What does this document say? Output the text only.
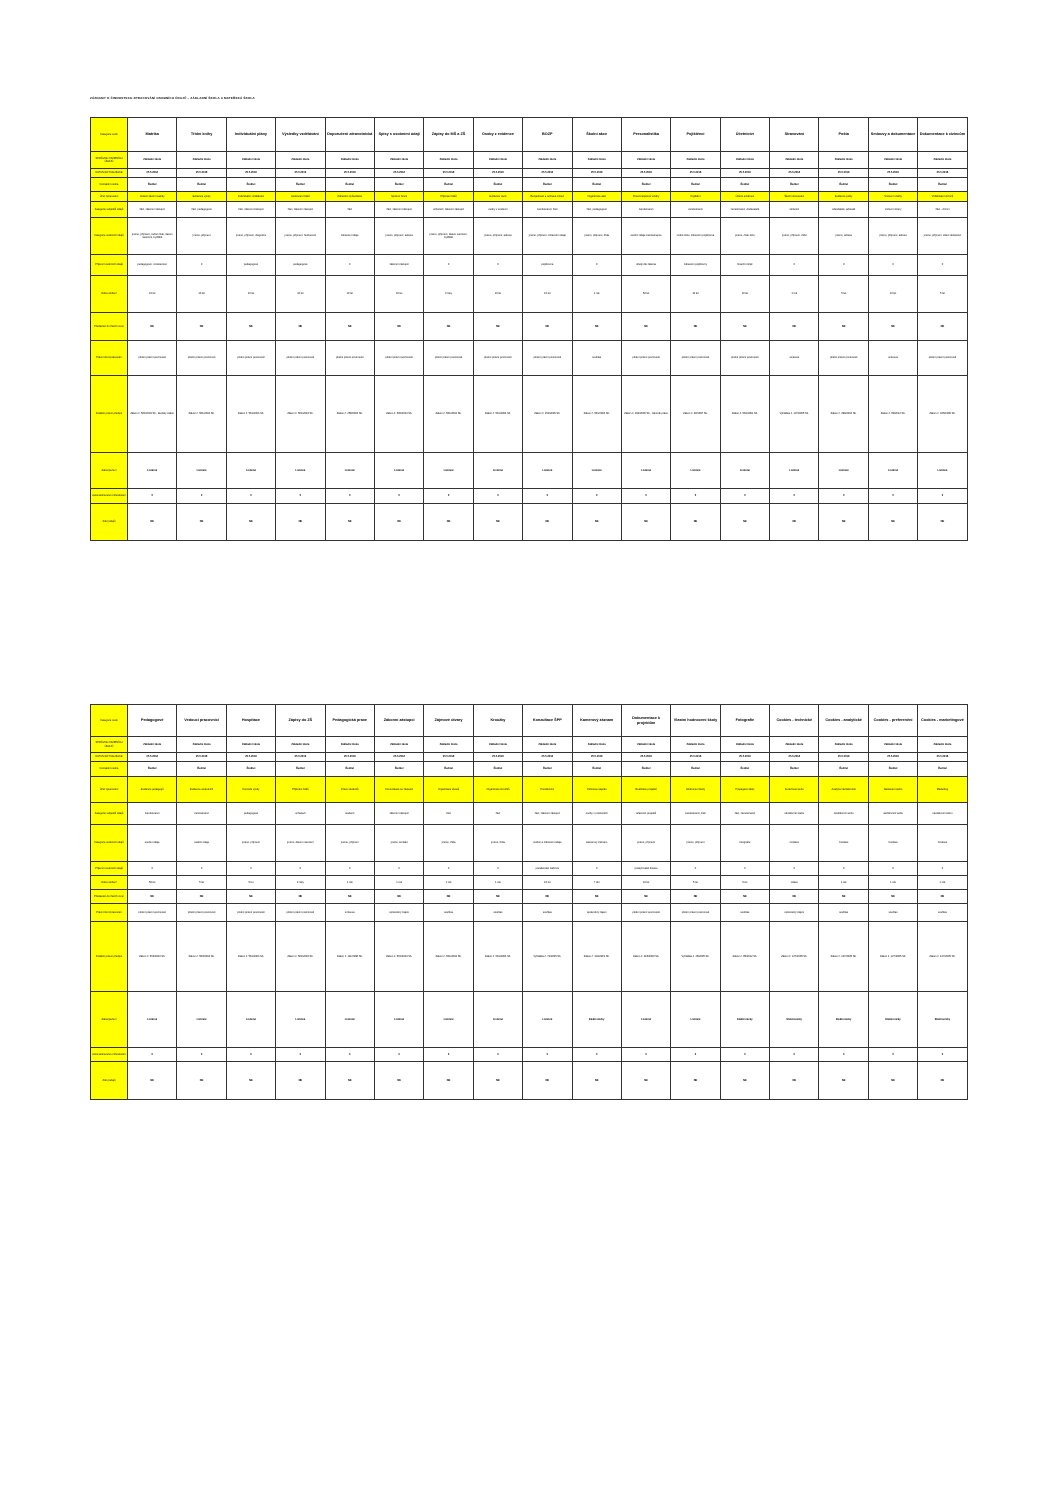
ZÁZNAMY O ČINNOSTECH ZPRACOVÁNÍ OSOBNÍCH ÚDAJŮ – ZÁKLADNÍ ŠKOLA A MATEŘSKÁ ŠKOLA
Kategorie osob	Matrika	Třídní knihy	Individuální plány	Výsledky vzdělávání	Doporučení zdravotnická	Spisy s osobními údaji	Zápisy do MŠ a ZŠ	Osoby z evidence	BOZP	Školní akce	Personalistika	Pojištěnci	Účetnictví	Stravování	Pošta	Smlouvy a dokumentace	Dokumentace k cizincům
SPRÁVCE OSOBNÍCH ÚDAJŮ	Základní škola	Základní škola	Základní škola	Základní škola	Základní škola	Základní škola	Základní škola	Základní škola	Základní škola	Základní škola	Základní škola	Základní škola	Základní škola	Základní škola	Základní škola	Základní škola	Základní škola
DATUM AKTUALIZACE	25.5.2018	25.5.2018	25.5.2018	25.5.2018	25.5.2018	25.5.2018	25.5.2018	25.5.2018	25.5.2018	25.5.2018	25.5.2018	25.5.2018	25.5.2018	25.5.2018	25.5.2018	25.5.2018	25.5.2018
Kontaktní osoba	Ředitel	Ředitel	Ředitel	Ředitel	Ředitel	Ředitel	Ředitel	Ředitel	Ředitel	Ředitel	Ředitel	Ředitel	Ředitel	Ředitel	Ředitel	Ředitel	Ředitel
Účel zpracování	Vedení školní matriky	Evidence výuky	Individuální vzdělávání	Hodnocení žáků	Zdravotní způsobilost	Správní řízení	Přijímání žáků	Evidence osob	Bezpečnost a ochrana zdraví	Organizace akcí	Pracovněprávní vztahy	Pojištění	Účetní evidence	Školní stravování	Evidence pošty	Smluvní vztahy	Vzdělávání cizinců
Kategorie subjektů údajů	žáci, zákonní zástupci	žáci, pedagogové	žáci, zákonní zástupci	žáci, zákonní zástupci	žáci	žáci, zákonní zástupci	uchazeči, zákonní zástupci	osoby v evidenci	zaměstnanci, žáci	žáci, pedagogové	zaměstnanci	zaměstnanci	zaměstnanci, dodavatelé	strávníci	odesílatelé, adresáti	smluvní strany	žáci - cizinci
Kategorie osobních údajů	jméno, příjmení, rodné číslo, datum narození, bydliště	jméno, příjmení	jméno, příjmení, diagnóza	jméno, příjmení, hodnocení	zdravotní údaje	jméno, příjmení, adresa	jméno, příjmení, datum narození, bydliště	jméno, příjmení, adresa	jméno, příjmení, zdravotní údaje	jméno, příjmení, třída	osobní údaje zaměstnance	rodné číslo, zdravotní pojišťovna	jméno, číslo účtu	jméno, příjmení, třída	jméno, adresa	jméno, příjmení, adresa	jméno, příjmení, státní občanství
Příjemci osobních údajů	pedagogové, ministerstvo	0	pedagogové	pedagogové	0	zákonní zástupci	0	0	pojišťovna	0	úřady dle zákona	zdravotní pojišťovny	finanční úřad	0	0	0	0
Doba uložení	10 let	10 let	10 let	10 let	10 let	10 let	3 roky	10 let	10 let	1 rok	50 let	10 let	10 let	1 rok	5 let	10 let	5 let
Předávání do třetích zemí	NE	NE	NE	NE	NE	NE	NE	NE	NE	NE	NE	NE	NE	NE	NE	NE	NE
Právní titul zpracování	plnění právní povinnosti	plnění právní povinnosti	plnění právní povinnosti	plnění právní povinnosti	plnění právní povinnosti	plnění právní povinnosti	plnění právní povinnosti	plnění právní povinnosti	plnění právní povinnosti	souhlas	plnění právní povinnosti	plnění právní povinnosti	plnění právní povinnosti	smlouva	plnění právní povinnosti	smlouva	plnění právní povinnosti
Zvláštní právní předpis	Zákon č. 561/2004 Sb., školský zákon	Zákon č. 561/2004 Sb.	Zákon č. 561/2004 Sb.	Zákon č. 561/2004 Sb.	Zákon č. 258/2000 Sb.	Zákon č. 500/2004 Sb.	Zákon č. 561/2004 Sb.	Zákon č. 561/2004 Sb.	Zákon č. 262/2006 Sb.	Zákon č. 561/2004 Sb.	Zákon č. 262/2006 Sb., zákoník práce	Zákon č. 48/1997 Sb.	Zákon č. 563/1991 Sb.	Vyhláška č. 107/2005 Sb.	Zákon č. 499/2004 Sb.	Zákon č. 89/2012 Sb.	Zákon č. 326/1999 Sb.
Zabezpečení	Listinně	Listinně	Listinně	Listinně	Listinně	Listinně	Listinně	Listinně	Listinně	Listinně	Listinně	Listinně	Listinně	Listinně	Listinně	Listinně	Listinně
Automatizované rozhodování	0	0	0	0	0	0	0	0	0	0	0	0	0	0	0	0	0
Zdroj údajů	NE	NE	NE	NE	NE	NE	NE	NE	NE	NE	NE	NE	NE	NE	NE	NE	NE
Kategorie osob	Pedagogové	Vedoucí pracovníci	Hospitace	Zápisy do ZŠ	Pedagogická praxe	Zákonní zástupci	Zájmové útvary	Kroužky	Konzultace ŠPP	Kamerový záznam	Dokumentace k projektům	Vlastní hodnocení školy	Fotografie	Cookies - technické	Cookies - analytické	Cookies - preferenční	Cookies - marketingové
SPRÁVCE OSOBNÍCH ÚDAJŮ	Základní škola	Základní škola	Základní škola	Základní škola	Základní škola	Základní škola	Základní škola	Základní škola	Základní škola	Základní škola	Základní škola	Základní škola	Základní škola	Základní škola	Základní škola	Základní škola	Základní škola
DATUM AKTUALIZACE	25.5.2018	25.5.2018	25.5.2018	25.5.2018	25.5.2018	25.5.2018	25.5.2018	25.5.2018	25.5.2018	25.5.2018	25.5.2018	25.5.2018	25.5.2018	25.5.2018	25.5.2018	25.5.2018	25.5.2018
Kontaktní osoba	Ředitel	Ředitel	Ředitel	Ředitel	Ředitel	Ředitel	Ředitel	Ředitel	Ředitel	Ředitel	Ředitel	Ředitel	Ředitel	Ředitel	Ředitel	Ředitel	Ředitel
Účel zpracování	Evidence pedagogů	Evidence vedoucích	Kontrola výuky	Přijímání žáků	Praxe studentů	Komunikace se zástupci	Organizace útvarů	Organizace kroužků	Poradenství	Ochrana majetku	Realizace projektů	Hodnocení školy	Propagace školy	Funkčnost webu	Analýza návštěvnosti	Nastavení webu	Marketing
Kategorie subjektů údajů	zaměstnanci	zaměstnanci	pedagogové	uchazeči	studenti	zákonní zástupci	žáci	žáci	žáci, zákonní zástupci	osoby v prostorách	účastníci projektů	zaměstnanci, žáci	žáci, zaměstnanci	návštěvníci webu	návštěvníci webu	návštěvníci webu	návštěvníci webu
Kategorie osobních údajů	osobní údaje	osobní údaje	jméno, příjmení	jméno, datum narození	jméno, příjmení	jméno, kontakt	jméno, třída	jméno, třída	osobní a zdravotní údaje	kamerový záznam	jméno, příjmení	jméno, příjmení	fotografie	Cookies	Cookies	Cookies	Cookies
Příjemci osobních údajů	0	0	0	0	0	0	0	0	poradenské zařízení	0	poskytovatel dotace	0	0	0	0	0	0
Doba uložení	50 let	5 let	5 let	3 roky	1 rok	1 rok	1 rok	1 rok	10 let	7 dní	10 let	5 let	5 let	relace	1 rok	1 rok	1 rok
Předávání do třetích zemí	NE	NE	NE	NE	NE	NE	NE	NE	NE	NE	NE	NE	NE	NE	NE	NE	NE
Právní titul zpracování	plnění právní povinnosti	plnění právní povinnosti	plnění právní povinnosti	plnění právní povinnosti	smlouva	oprávněný zájem	souhlas	souhlas	souhlas	oprávněný zájem	plnění právní povinnosti	plnění právní povinnosti	souhlas	oprávněný zájem	souhlas	souhlas	souhlas
Zvláštní právní předpis	Zákon č. 563/2004 Sb.	Zákon č. 563/2004 Sb.	Zákon č. 561/2004 Sb.	Zákon č. 561/2004 Sb.	Zákon č. 111/1998 Sb.	Zákon č. 561/2004 Sb.	Zákon č. 561/2004 Sb.	Zákon č. 561/2004 Sb.	Vyhláška č. 72/2005 Sb.	Zákon č. 110/2019 Sb.	Zákon č. 218/2000 Sb.	Vyhláška č. 15/2005 Sb.	Zákon č. 89/2012 Sb.	Zákon č. 127/2005 Sb.	Zákon č. 127/2005 Sb.	Zákon č. 127/2005 Sb.	Zákon č. 127/2005 Sb.
Zabezpečení	Listinně	Listinně	Listinně	Listinně	Listinně	Listinně	Listinně	Listinně	Listinně	Elektronicky	Listinně	Listinně	Elektronicky	Elektronicky	Elektronicky	Elektronicky	Elektronicky
Automatizované rozhodování	0	0	0	0	0	0	0	0	0	0	0	0	0	0	0	0	0
Zdroj údajů	NE	NE	NE	NE	NE	NE	NE	NE	NE	NE	NE	NE	NE	NE	NE	NE	NE
